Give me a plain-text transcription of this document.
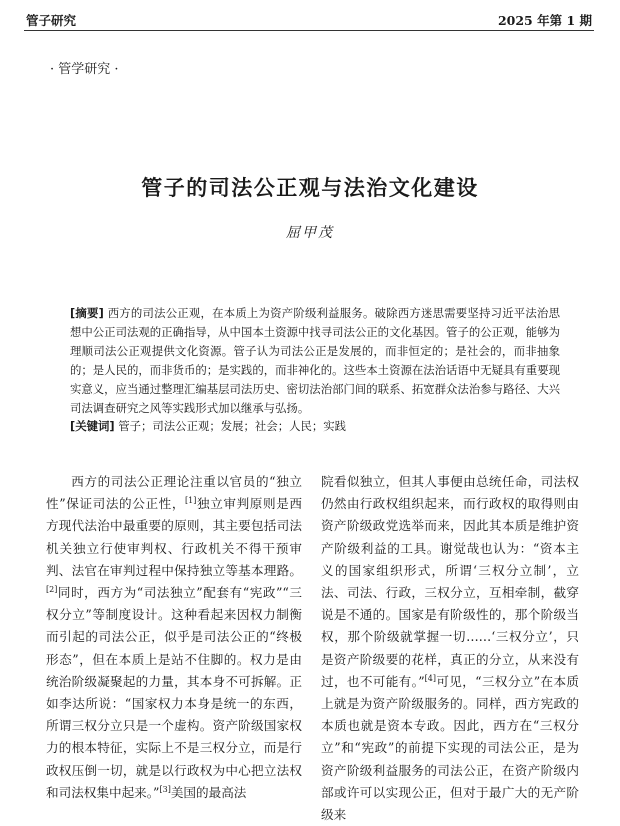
管子研究	2025 年第 1 期
· 管学研究 ·
管子的司法公正观与法治文化建设
屈甲茂
[摘要] 西方的司法公正观，在本质上为资产阶级利益服务。破除西方迷思需要坚持习近平法治思想中公正司法观的正确指导，从中国本土资源中找寻司法公正的文化基因。管子的公正观，能够为理顺司法公正观提供文化资源。管子认为司法公正是发展的，而非恒定的；是社会的，而非抽象的；是人民的，而非货币的；是实践的，而非神化的。这些本土资源在法治话语中无疑具有重要现实意义，应当通过整理汇编基层司法历史、密切法治部门间的联系、拓宽群众法治参与路径、大兴司法调查研究之风等实践形式加以继承与弘扬。
[关键词] 管子；司法公正观；发展；社会；人民；实践

西方的司法公正理论注重以官员的“独立性”保证司法的公正性，[1]独立审判原则是西方现代法治中最重要的原则，其主要包括司法机关独立行使审判权、行政机关不得干预审判、法官在审判过程中保持独立等基本理路。[2]同时，西方为“司法独立”配套有“宪政”“三权分立”等制度设计。这种看起来因权力制衡而引起的司法公正，似乎是司法公正的“终极形态”，但在本质上是站不住脚的。权力是由统治阶级凝聚起的力量，其本身不可拆解。正如李达所说：“国家权力本身是统一的东西，所谓三权分立只是一个虚构。资产阶级国家权力的根本特征，实际上不是三权分立，而是行政权压倒一切，就是以行政权为中心把立法权和司法权集中起来。”[3]美国的最高法

院看似独立，但其人事便由总统任命，司法权仍然由行政权组织起来，而行政权的取得则由资产阶级政党选举而来，因此其本质是维护资产阶级利益的工具。谢觉哉也认为：“资本主义的国家组织形式，所谓‘三权分立制’，立法、司法、行政，三权分立，互相牵制，截穿说是不通的。国家是有阶级性的，那个阶级当权，那个阶级就掌握一切……‘三权分立’，只是资产阶级要的花样，真正的分立，从来没有过，也不可能有。”[4]可见，“三权分立”在本质上就是为资产阶级服务的。同样，西方宪政的本质也就是资本专政。因此，西方在“三权分立”和“宪政”的前提下实现的司法公正，是为资产阶级利益服务的司法公正，在资产阶级内部或许可以实现公正，但对于最广大的无产阶级来
